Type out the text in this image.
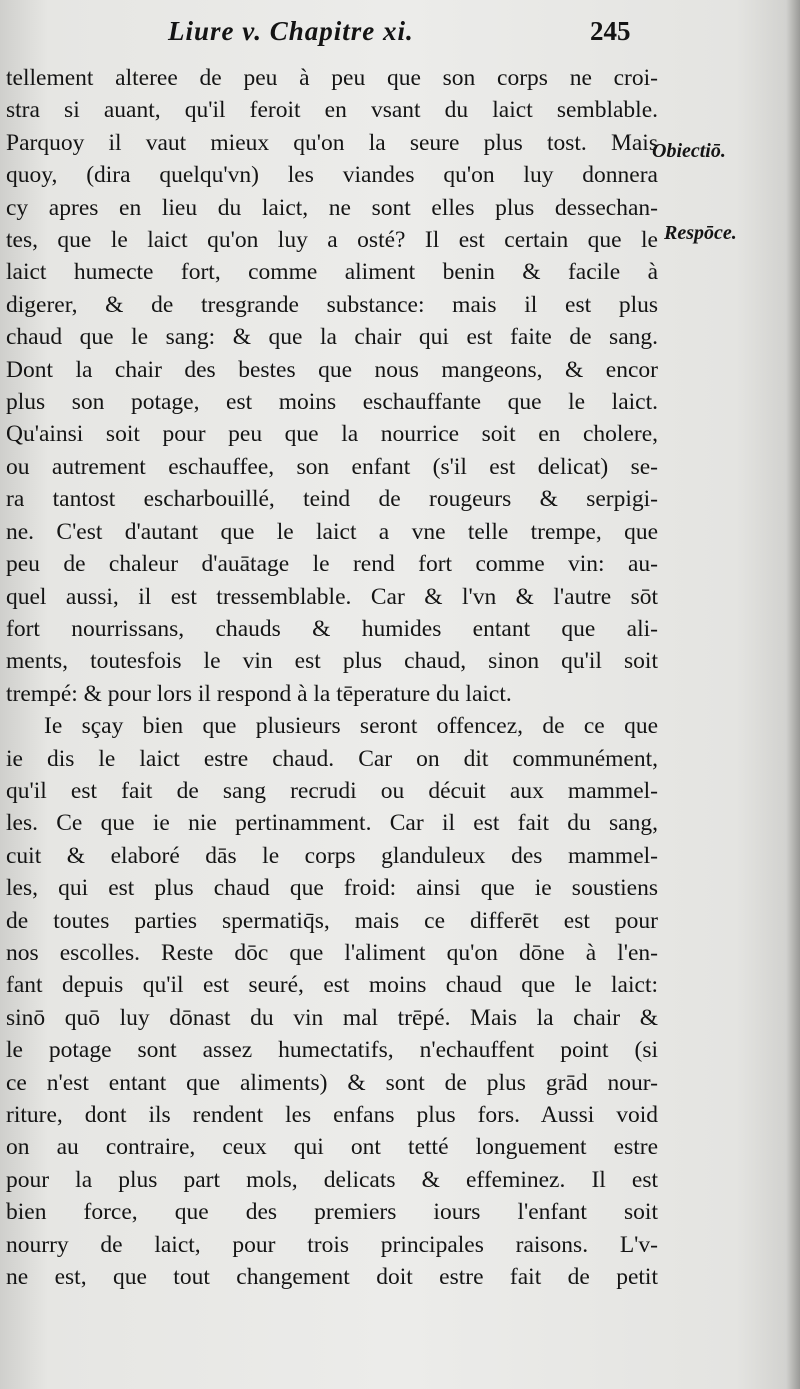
Liure v. Chapitre xi.	245
tellement alteree de peu à peu que son corps ne croi-
stra si auant, qu'il feroit en vsant du laict semblable.
Parquoy il vaut mieux qu'on la seure plus tost. Mais
quoy, (dira quelqu'vn) les viandes qu'on luy donnera
cy apres en lieu du laict, ne sont elles plus dessechan-
tes, que le laict qu'on luy a osté? Il est certain que le
laict humecte fort, comme aliment benin & facile à
digerer, & de tresgrande substance: mais il est plus
chaud que le sang: & que la chair qui est faite de sang.
Dont la chair des bestes que nous mangeons, & encor
plus son potage, est moins eschauffante que le laict.
Qu'ainsi soit pour peu que la nourrice soit en cholere,
ou autrement eschauffee, son enfant (s'il est delicat) se-
ra tantost escharbouillé, teind de rougeurs & serpigi-
ne. C'est d'autant que le laict a vne telle trempe, que
peu de chaleur d'auātage le rend fort comme vin: au-
quel aussi, il est tressemblable. Car & l'vn & l'autre sōt
fort nourrissans, chauds & humides entant que ali-
ments, toutesfois le vin est plus chaud, sinon qu'il soit
trempé: & pour lors il respond à la tēperature du laict.
Ie sçay bien que plusieurs seront offencez, de ce que
ie dis le laict estre chaud. Car on dit communément,
qu'il est fait de sang recrudi ou décuit aux mammel-
les. Ce que ie nie pertinamment. Car il est fait du sang,
cuit & elaboré dās le corps glanduleux des mammel-
les, qui est plus chaud que froid: ainsi que ie soustiens
de toutes parties spermatiq̄s, mais ce differēt est pour
nos escolles. Reste dōc que l'aliment qu'on dōne à l'en-
fant depuis qu'il est seuré, est moins chaud que le laict:
sinō quō luy dōnast du vin mal trēpé. Mais la chair &
le potage sont assez humectatifs, n'echauffent point (si
ce n'est entant que aliments) & sont de plus grād nour-
riture, dont ils rendent les enfans plus fors. Aussi void
on au contraire, ceux qui ont tetté longuement estre
pour la plus part mols, delicats & effeminez. Il est
bien force, que des premiers iours l'enfant soit
nourry de laict, pour trois principales raisons. L'v-
ne est, que tout changement doit estre fait de petit
Obiectiō.
Respōce.
